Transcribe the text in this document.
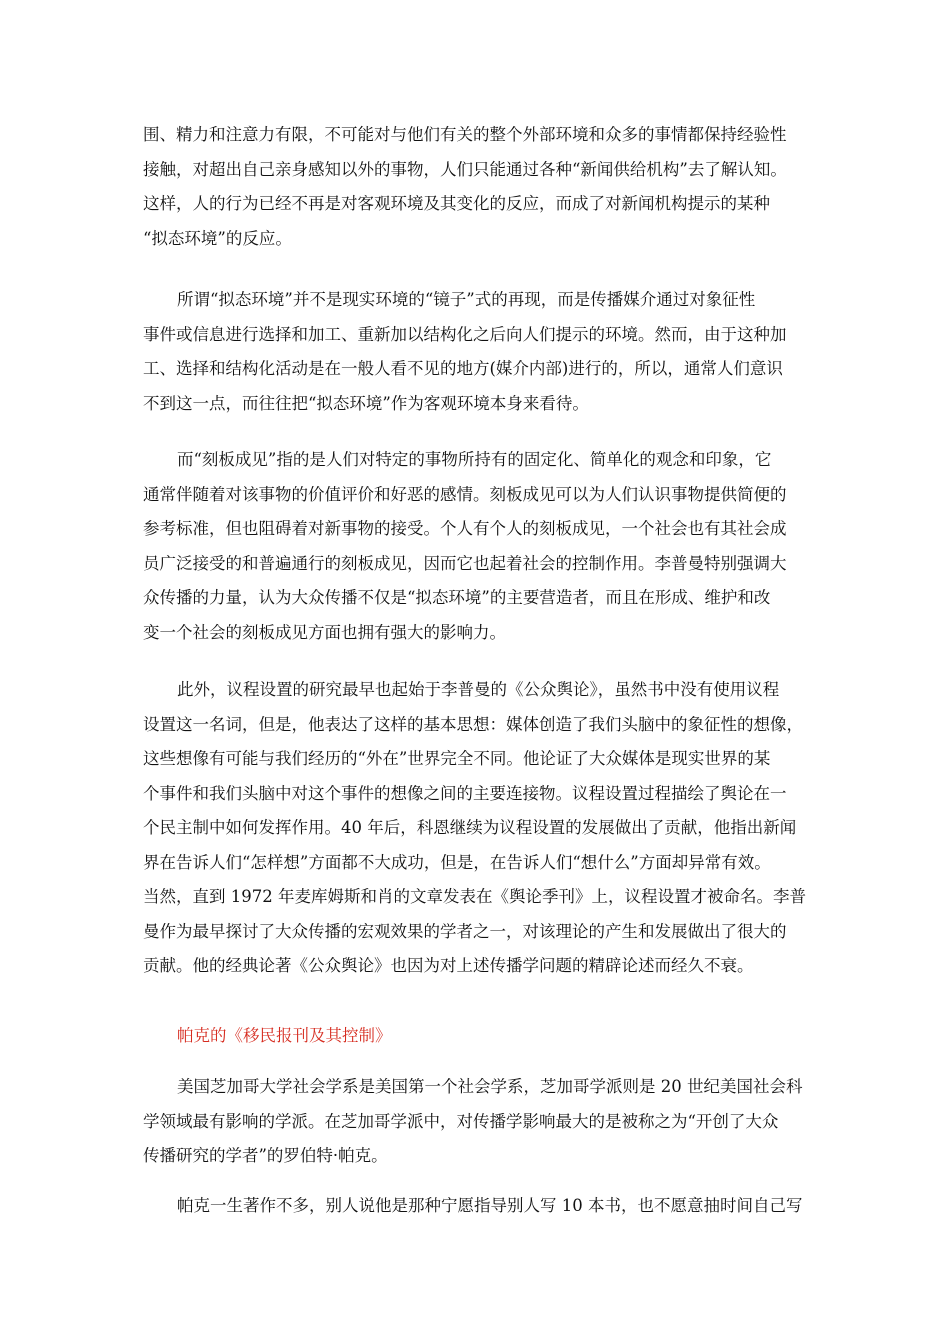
围、精力和注意力有限，不可能对与他们有关的整个外部环境和众多的事情都保持经验性
接触，对超出自己亲身感知以外的事物，人们只能通过各种“新闻供给机构”去了解认知。
这样，人的行为已经不再是对客观环境及其变化的反应，而成了对新闻机构提示的某种
“拟态环境”的反应。

所谓“拟态环境”并不是现实环境的“镜子”式的再现，而是传播媒介通过对象征性
事件或信息进行选择和加工、重新加以结构化之后向人们提示的环境。然而，由于这种加
工、选择和结构化活动是在一般人看不见的地方(媒介内部)进行的，所以，通常人们意识
不到这一点，而往往把“拟态环境”作为客观环境本身来看待。

而“刻板成见”指的是人们对特定的事物所持有的固定化、简单化的观念和印象，它
通常伴随着对该事物的价值评价和好恶的感情。刻板成见可以为人们认识事物提供简便的
参考标准，但也阻碍着对新事物的接受。个人有个人的刻板成见，一个社会也有其社会成
员广泛接受的和普遍通行的刻板成见，因而它也起着社会的控制作用。李普曼特别强调大
众传播的力量，认为大众传播不仅是“拟态环境”的主要营造者，而且在形成、维护和改
变一个社会的刻板成见方面也拥有强大的影响力。

此外，议程设置的研究最早也起始于李普曼的《公众舆论》，虽然书中没有使用议程
设置这一名词，但是，他表达了这样的基本思想：媒体创造了我们头脑中的象征性的想像，
这些想像有可能与我们经历的“外在”世界完全不同。他论证了大众媒体是现实世界的某
个事件和我们头脑中对这个事件的想像之间的主要连接物。议程设置过程描绘了舆论在一
个民主制中如何发挥作用。40 年后，科恩继续为议程设置的发展做出了贡献，他指出新闻
界在告诉人们“怎样想”方面都不大成功，但是，在告诉人们“想什么”方面却异常有效。
当然，直到 1972 年麦库姆斯和肖的文章发表在《舆论季刊》上，议程设置才被命名。李普
曼作为最早探讨了大众传播的宏观效果的学者之一，对该理论的产生和发展做出了很大的
贡献。他的经典论著《公众舆论》也因为对上述传播学问题的精辟论述而经久不衰。

帕克的《移民报刊及其控制》

美国芝加哥大学社会学系是美国第一个社会学系，芝加哥学派则是 20 世纪美国社会科
学领域最有影响的学派。在芝加哥学派中，对传播学影响最大的是被称之为“开创了大众
传播研究的学者”的罗伯特·帕克。

帕克一生著作不多，别人说他是那种宁愿指导别人写 10 本书，也不愿意抽时间自己写
